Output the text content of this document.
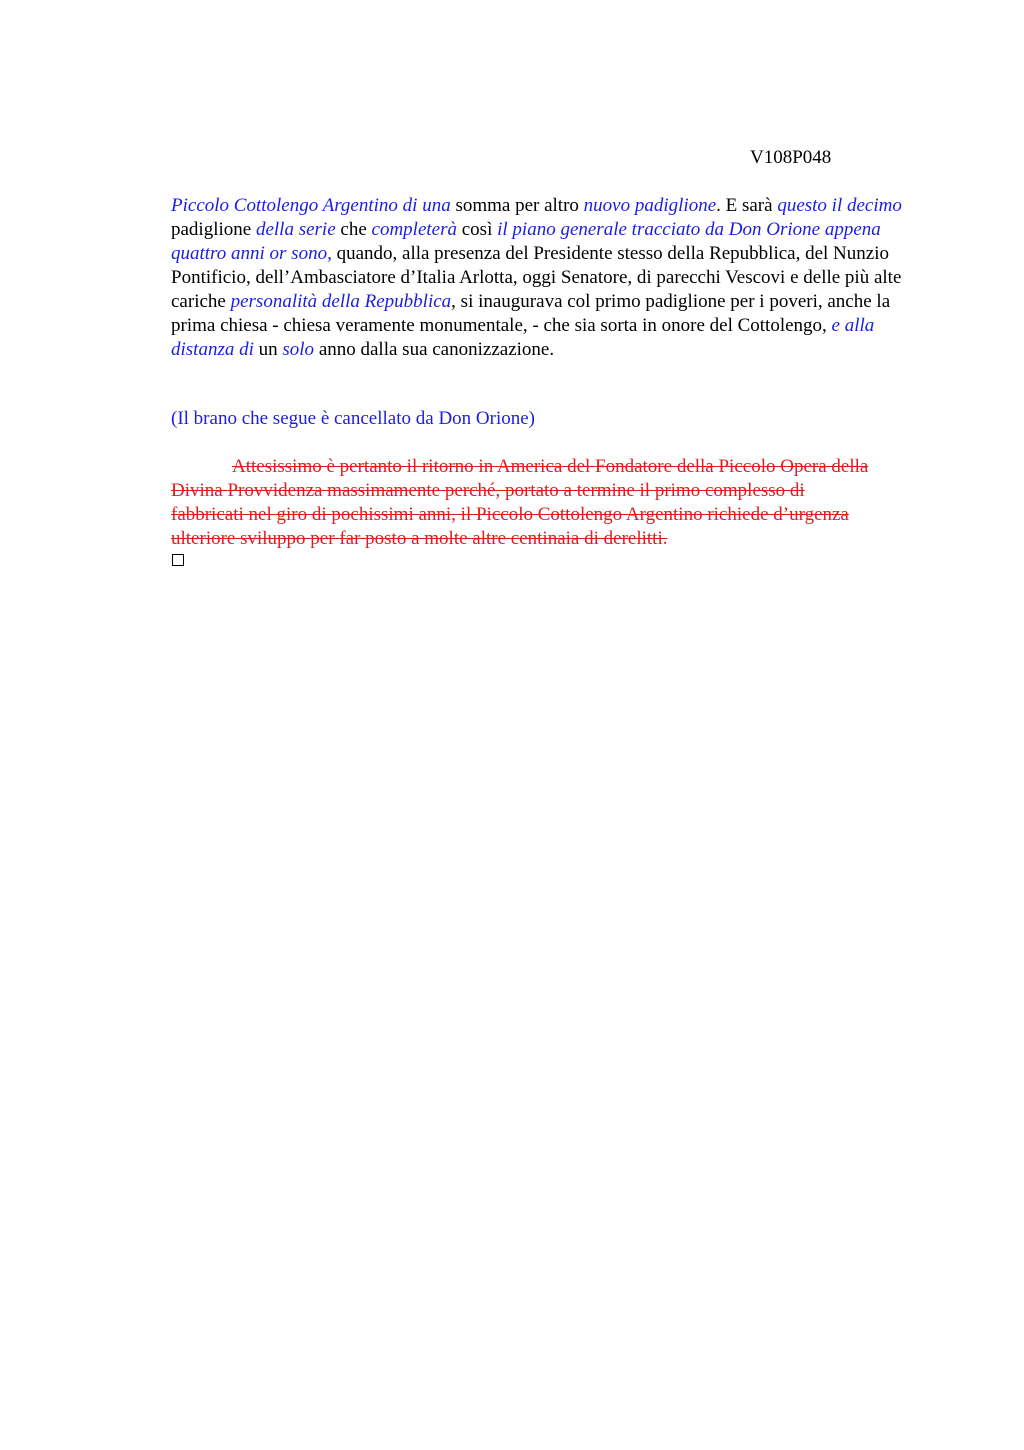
V108P048

Piccolo Cottolengo Argentino di una somma per altro nuovo padiglione. E sarà questo il decimo padiglione della serie che completerà così il piano generale tracciato da Don Orione appena quattro anni or sono, quando, alla presenza del Presidente stesso della Repubblica, del Nunzio Pontificio, dell’Ambasciatore d’Italia Arlotta, oggi Senatore, di parecchi Vescovi e delle più alte cariche personalità della Repubblica, si inaugurava col primo padiglione per i poveri, anche la prima chiesa - chiesa veramente monumentale, - che sia sorta in onore del Cottolengo, e alla distanza di un solo anno dalla sua canonizzazione.

(Il brano che segue è cancellato da Don Orione)

Attesissimo è pertanto il ritorno in America del Fondatore della Piccolo Opera della
Divina Provvidenza massimamente perché, portato a termine il primo complesso di
fabbricati nel giro di pochissimi anni, il Piccolo Cottolengo Argentino richiede d’urgenza
ulteriore sviluppo per far posto a molte altre centinaia di derelitti.
